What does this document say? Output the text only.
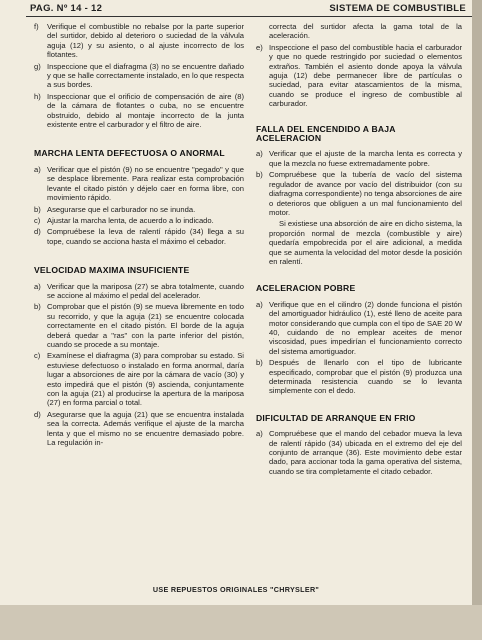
PAG. Nº 14 - 12	SISTEMA DE COMBUSTIBLE
f)	Verifique el combustible no rebalse por la parte superior del surtidor, debido al deterioro o suciedad de la válvula aguja (12) y su asiento, o al ajuste incorrecto de los flotantes.
g) Inspeccione que el diafragma (3) no se encuentre dañado y que se halle correctamente instalado, en lo que respecta a sus bordes.
h) Inspeccionar que el orificio de compensación de aire (8) de la cámara de flotantes o cuba, no se encuentre obstruido, debido al montaje incorrecto de la junta existente entre el carburador y el filtro de aire.
MARCHA LENTA DEFECTUOSA O ANORMAL
a) Verificar que el pistón (9) no se encuentre "pegado" y que se desplace libremente. Para realizar esta comprobación levante el citado pistón y déjelo caer en forma libre, con movimiento rápido.
b) Asegurarse que el carburador no se inunda.
c) Ajustar la marcha lenta, de acuerdo a lo indicado.
d) Compruébese la leva de ralentí rápido (34) llega a su tope, cuando se acciona hasta el máximo el cebador.
VELOCIDAD MAXIMA INSUFICIENTE
a) Verificar que la mariposa (27) se abra totalmente, cuando se accione al máximo el pedal del acelerador.
b) Comprobar que el pistón (9) se mueva libremente en todo su recorrido, y que la aguja (21) se encuentre colocada correctamente en el citado pistón. El borde de la aguja deberá quedar a "ras" con la parte inferior del pistón, cuando se procede a su montaje.
c) Examínese el diafragma (3) para comprobar su estado. Si estuviese defectuoso o instalado en forma anormal, daría lugar a absorciones de aire por la cámara de vacío (30) y esto impedirá que el pistón (9) ascienda, conjuntamente con la aguja (21) al producirse la apertura de la mariposa (27) en forma parcial o total.
d) Asegurarse que la aguja (21) que se encuentra instalada sea la correcta. Además verifique el ajuste de la marcha lenta y que el mismo no se encuentre demasiado pobre. La regulación in-
correcta del surtidor afecta la gama total de la aceleración.
e) Inspeccione el paso del combustible hacia el carburador y que no quede restringido por suciedad o elementos extraños. También el asiento donde apoya la válvula aguja (12) debe permanecer libre de partículas o suciedad, para evitar atascamientos de la misma, cuando se produce el ingreso de combustible al carburador.
FALLA DEL ENCENDIDO A BAJA ACELERACION
a) Verificar que el ajuste de la marcha lenta es correcta y que la mezcla no fuese extremadamente pobre.
b) Compruébese que la tubería de vacío del sistema regulador de avance por vacío del distribuidor (con su diafragma correspondiente) no tenga absorciones de aire o deterioros que obliguen a un mal funcionamiento del motor.
Si existiese una absorción de aire en dicho sistema, la proporción normal de mezcla (combustible y aire) quedaría empobrecida por el aire adicional, a medida que se aumenta la velocidad del motor desde la posición en ralentí.
ACELERACION POBRE
a) Verifique que en el cilindro (2) donde funciona el pistón del amortiguador hidráulico (1), esté lleno de aceite para motor considerando que cumpla con el tipo de SAE 20 W 40, cuidando de no emplear aceites de menor viscosidad, pues impedirían el funcionamiento correcto del sistema amortiguador.
b) Después de llenarlo con el tipo de lubricante especificado, comprobar que el pistón (9) produzca una determinada resistencia cuando se lo levanta simplemente con el dedo.
DIFICULTAD DE ARRANQUE EN FRIO
a) Compruébese que el mando del cebador mueva la leva de ralentí rápido (34) ubicada en el extremo del eje del conjunto de arranque (36). Este movimiento debe estar dado, para accionar toda la gama operativa del sistema, cuando se tira completamente el citado cebador.
USE REPUESTOS ORIGINALES "CHRYSLER"
